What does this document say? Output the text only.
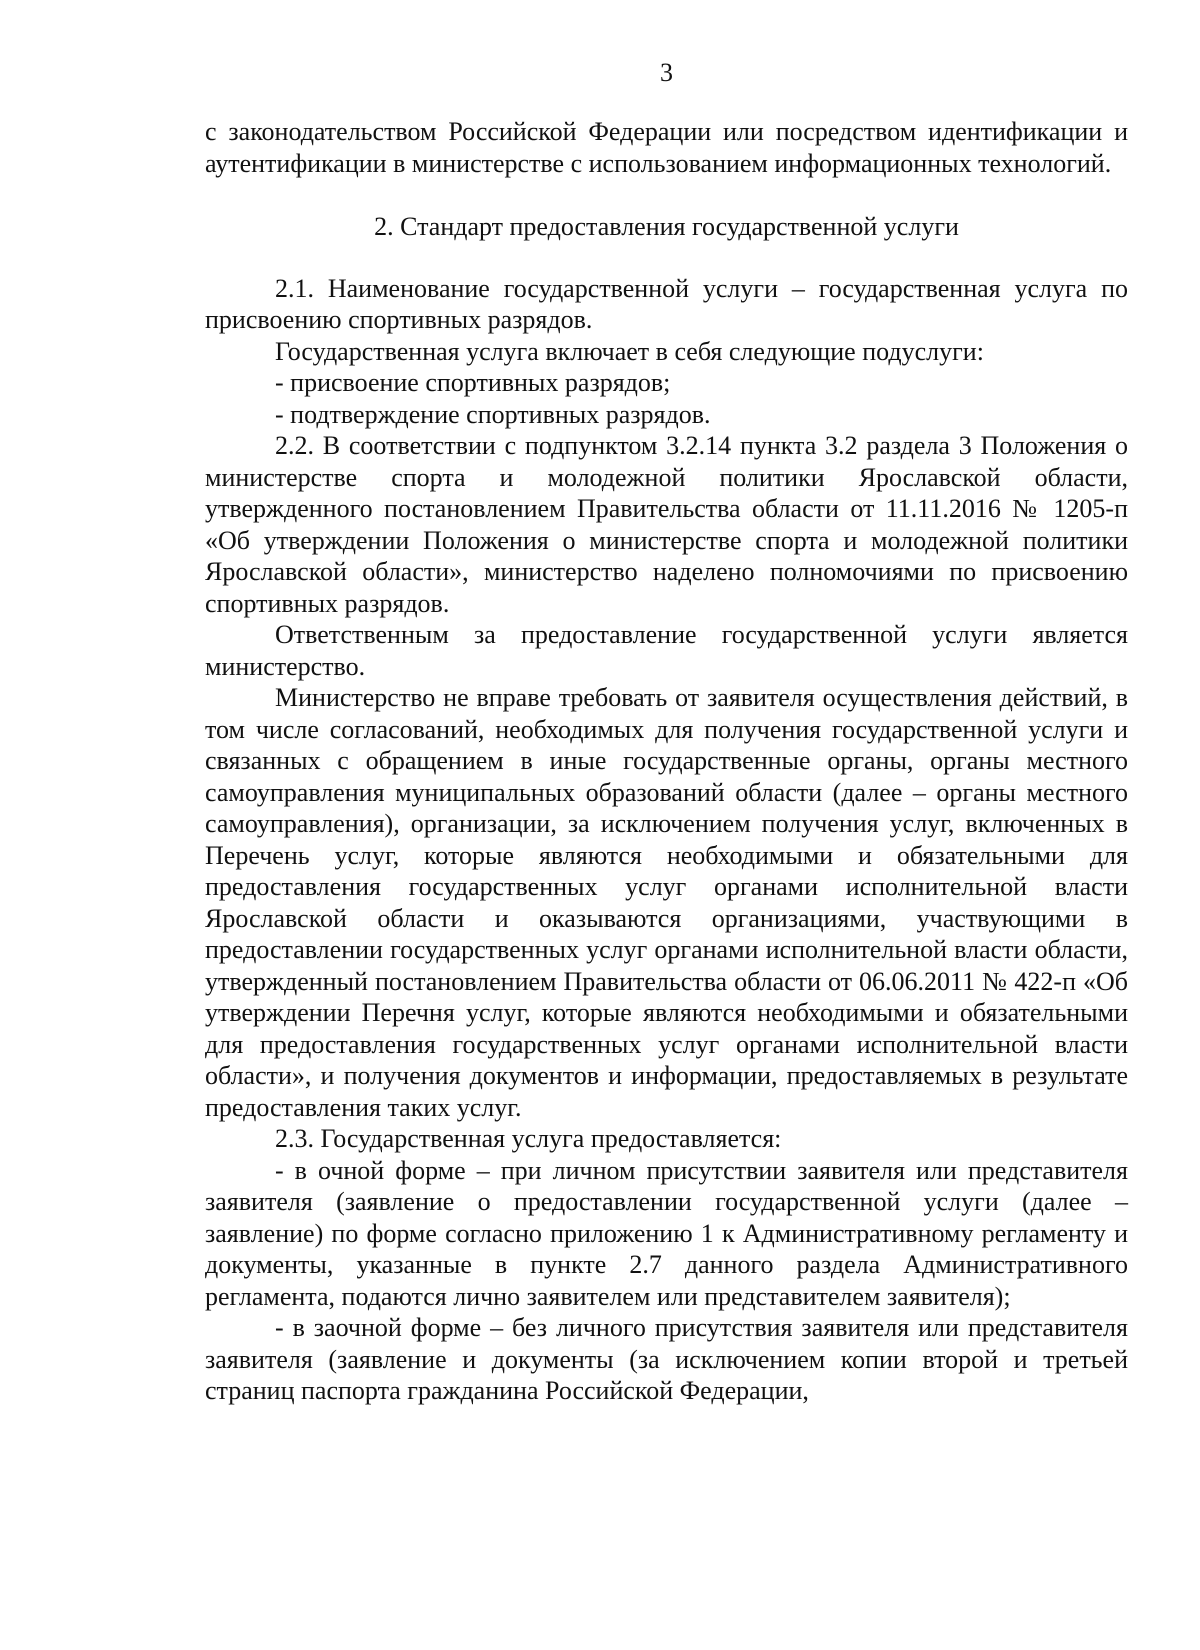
3

с законодательством Российской Федерации или посредством идентификации и аутентификации в министерстве с использованием информационных технологий.

2. Стандарт предоставления государственной услуги

2.1. Наименование государственной услуги – государственная услуга по присвоению спортивных разрядов.

Государственная услуга включает в себя следующие подуслуги:

- присвоение спортивных разрядов;

- подтверждение спортивных разрядов.

2.2. В соответствии с подпунктом 3.2.14 пункта 3.2 раздела 3 Положения о министерстве спорта и молодежной политики Ярославской области, утвержденного постановлением Правительства области от 11.11.2016 № 1205-п «Об утверждении Положения о министерстве спорта и молодежной политики Ярославской области», министерство наделено полномочиями по присвоению спортивных разрядов.

Ответственным за предоставление государственной услуги является министерство.

Министерство не вправе требовать от заявителя осуществления действий, в том числе согласований, необходимых для получения государственной услуги и связанных с обращением в иные государственные органы, органы местного самоуправления муниципальных образований области (далее – органы местного самоуправления), организации, за исключением получения услуг, включенных в Перечень услуг, которые являются необходимыми и обязательными для предоставления государственных услуг органами исполнительной власти Ярославской области и оказываются организациями, участвующими в предоставлении государственных услуг органами исполнительной власти области, утвержденный постановлением Правительства области от 06.06.2011 № 422-п «Об утверждении Перечня услуг, которые являются необходимыми и обязательными для предоставления государственных услуг органами исполнительной власти области», и получения документов и информации, предоставляемых в результате предоставления таких услуг.

2.3. Государственная услуга предоставляется:

- в очной форме – при личном присутствии заявителя или представителя заявителя (заявление о предоставлении государственной услуги (далее – заявление) по форме согласно приложению 1 к Административному регламенту и документы, указанные в пункте 2.7 данного раздела Административного регламента, подаются лично заявителем или представителем заявителя);

- в заочной форме – без личного присутствия заявителя или представителя заявителя (заявление и документы (за исключением копии второй и третьей страниц паспорта гражданина Российской Федерации,
